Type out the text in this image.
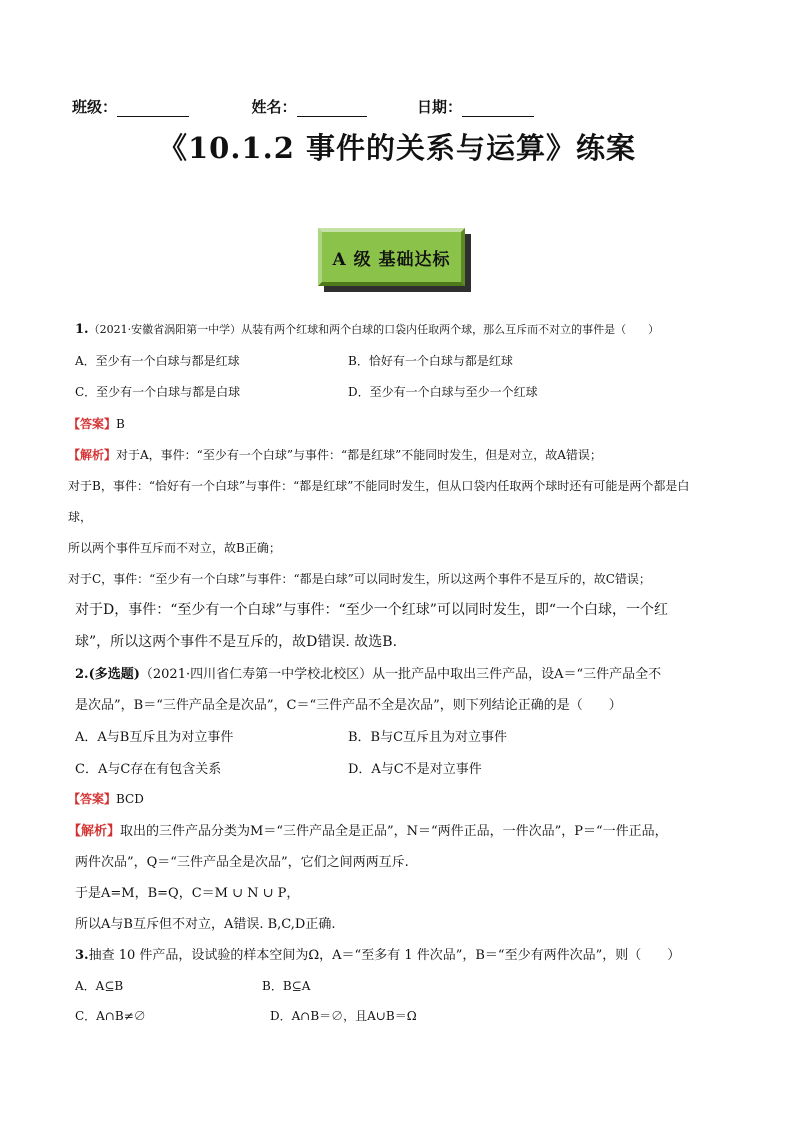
班级：	姓名：	日期：
《10.1.2 事件的关系与运算》练案
A 级 基础达标
1.（2021·安徽省涡阳第一中学）从装有两个红球和两个白球的口袋内任取两个球，那么互斥而不对立的事件是（　　）
A．至少有一个白球与都是红球	B．恰好有一个白球与都是红球
C．至少有一个白球与都是白球	D．至少有一个白球与至少一个红球
【答案】B
【解析】对于A，事件：“至少有一个白球”与事件：“都是红球”不能同时发生，但是对立，故A错误；
对于B，事件：“恰好有一个白球”与事件：“都是红球”不能同时发生，但从口袋内任取两个球时还有可能是两个都是白
球，
所以两个事件互斥而不对立，故B正确；
对于C，事件：“至少有一个白球”与事件：“都是白球”可以同时发生，所以这两个事件不是互斥的，故C错误；
对于D，事件：“至少有一个白球”与事件：“至少一个红球”可以同时发生，即“一个白球，一个红
球”，所以这两个事件不是互斥的，故D错误. 故选B.
2.(多选题)（2021·四川省仁寿第一中学校北校区）从一批产品中取出三件产品，设A＝“三件产品全不
是次品”，B＝“三件产品全是次品”，C＝“三件产品不全是次品”，则下列结论正确的是（　　）
A．A与B互斥且为对立事件	B．B与C互斥且为对立事件
C．A与C存在有包含关系	D．A与C不是对立事件
【答案】BCD
【解析】取出的三件产品分类为M＝“三件产品全是正品”，N＝“两件正品，一件次品”，P＝“一件正品，
两件次品”，Q＝“三件产品全是次品”，它们之间两两互斥.
于是A=M，B=Q，C＝M ∪ N ∪ P，
所以A与B互斥但不对立，A错误. B,C,D正确.
3.抽查 10 件产品，设试验的样本空间为Ω，A＝“至多有 1 件次品”，B＝“至少有两件次品”，则（　　）
A．A⊆B	B．B⊆A
C．A∩B≠∅	D．A∩B＝∅，且A∪B＝Ω
